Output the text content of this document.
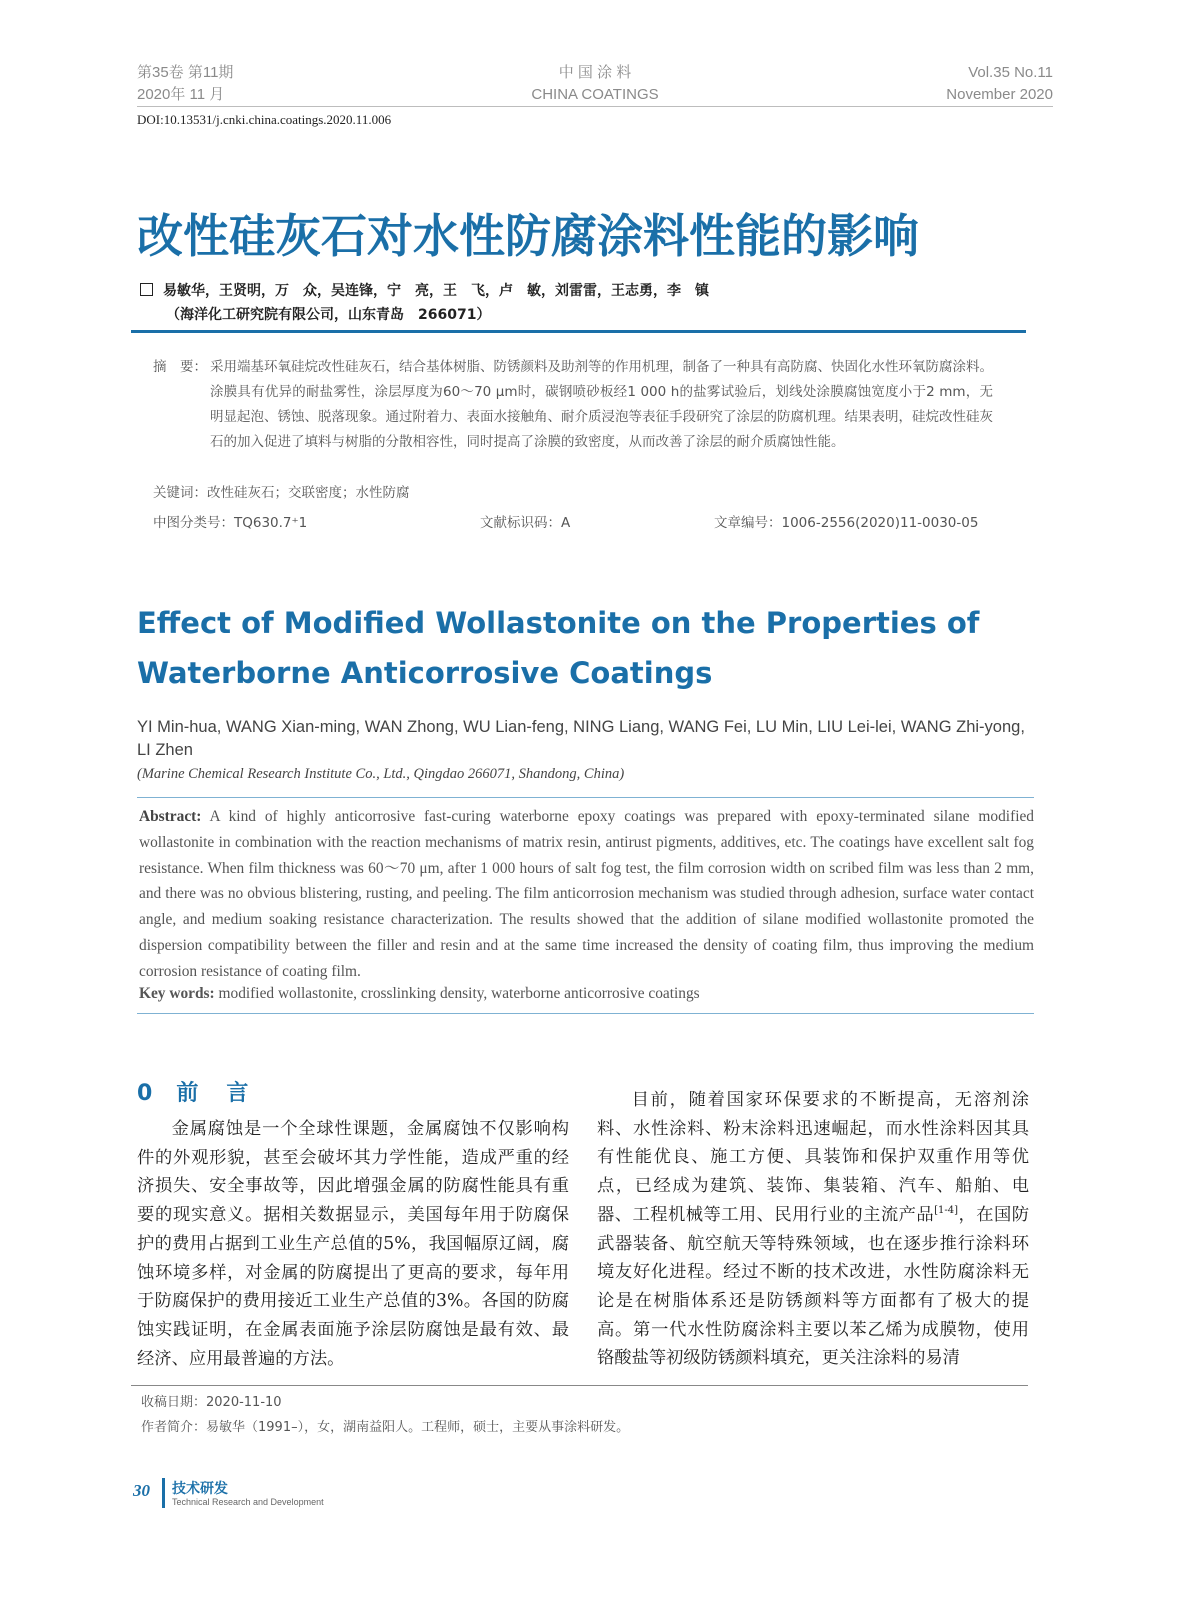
第35卷 第11期
2020年 11 月
中 国 涂 料
CHINA COATINGS
Vol.35 No.11
November 2020
DOI:10.13531/j.cnki.china.coatings.2020.11.006
改性硅灰石对水性防腐涂料性能的影响
易敏华，王贤明，万　众，吴连锋，宁　亮，王　飞，卢　敏，刘雷雷，王志勇，李　镇
（海洋化工研究院有限公司，山东青岛　266071）
摘　要： 采用端基环氧硅烷改性硅灰石，结合基体树脂、防锈颜料及助剂等的作用机理，制备了一种具有高防腐、快固化水性环氧防腐涂料。涂膜具有优异的耐盐雾性，涂层厚度为60～70 μm时，碳钢喷砂板经1 000 h的盐雾试验后，划线处涂膜腐蚀宽度小于2 mm，无明显起泡、锈蚀、脱落现象。通过附着力、表面水接触角、耐介质浸泡等表征手段研究了涂层的防腐机理。结果表明，硅烷改性硅灰石的加入促进了填料与树脂的分散相容性，同时提高了涂膜的致密度，从而改善了涂层的耐介质腐蚀性能。
关键词：改性硅灰石；交联密度；水性防腐
中图分类号：TQ630.7⁺1	文献标识码：A	文章编号：1006-2556(2020)11-0030-05
Effect of Modified Wollastonite on the Properties of Waterborne Anticorrosive Coatings
YI Min-hua, WANG Xian-ming, WAN Zhong, WU Lian-feng, NING Liang, WANG Fei, LU Min, LIU Lei-lei, WANG Zhi-yong, LI Zhen
(Marine Chemical Research Institute Co., Ltd., Qingdao 266071, Shandong, China)
Abstract: A kind of highly anticorrosive fast-curing waterborne epoxy coatings was prepared with epoxy-terminated silane modified wollastonite in combination with the reaction mechanisms of matrix resin, antirust pigments, additives, etc. The coatings have excellent salt fog resistance. When film thickness was 60～70 μm, after 1 000 hours of salt fog test, the film corrosion width on scribed film was less than 2 mm, and there was no obvious blistering, rusting, and peeling. The film anticorrosion mechanism was studied through adhesion, surface water contact angle, and medium soaking resistance characterization. The results showed that the addition of silane modified wollastonite promoted the dispersion compatibility between the filler and resin and at the same time increased the density of coating film, thus improving the medium corrosion resistance of coating film.
Key words: modified wollastonite, crosslinking density, waterborne anticorrosive coatings
0 前 言
金属腐蚀是一个全球性课题，金属腐蚀不仅影响构件的外观形貌，甚至会破坏其力学性能，造成严重的经济损失、安全事故等，因此增强金属的防腐性能具有重要的现实意义。据相关数据显示，美国每年用于防腐保护的费用占据到工业生产总值的5%，我国幅原辽阔，腐蚀环境多样，对金属的防腐提出了更高的要求，每年用于防腐保护的费用接近工业生产总值的3%。各国的防腐蚀实践证明，在金属表面施予涂层防腐蚀是最有效、最经济、应用最普遍的方法。
目前，随着国家环保要求的不断提高，无溶剂涂料、水性涂料、粉末涂料迅速崛起，而水性涂料因其具有性能优良、施工方便、具装饰和保护双重作用等优点，已经成为建筑、装饰、集装箱、汽车、船舶、电器、工程机械等工用、民用行业的主流产品[1-4]，在国防武器装备、航空航天等特殊领域，也在逐步推行涂料环境友好化进程。经过不断的技术改进，水性防腐涂料无论是在树脂体系还是防锈颜料等方面都有了极大的提高。第一代水性防腐涂料主要以苯乙烯为成膜物，使用铬酸盐等初级防锈颜料填充，更关注涂料的易清
收稿日期：2020-11-10
作者简介：易敏华（1991–），女，湖南益阳人。工程师，硕士，主要从事涂料研发。
30 技术研发
Technical Research and Development
